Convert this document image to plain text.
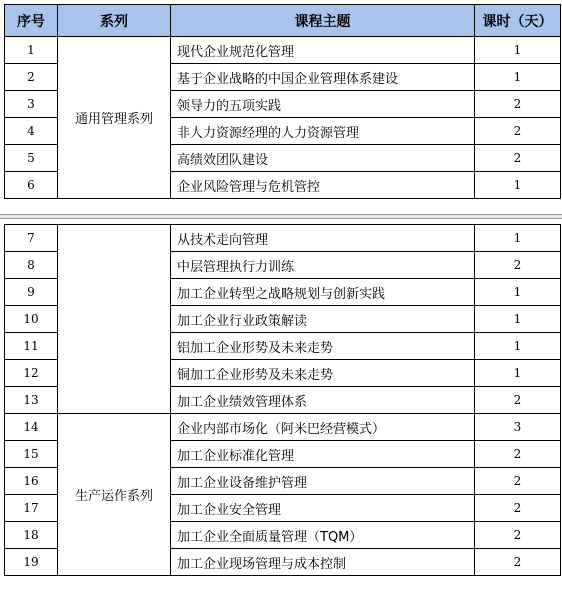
序号	系列	课程主题	课时（天）
1	通用管理系列	现代企业规范化管理	1
2		基于企业战略的中国企业管理体系建设	1
3		领导力的五项实践	2
4		非人力资源经理的人力资源管理	2
5		高绩效团队建设	2
6		企业风险管理与危机管控	1
7		从技术走向管理	1
8		中层管理执行力训练	2
9		加工企业转型之战略规划与创新实践	1
10		加工企业行业政策解读	1
11		铝加工企业形势及未来走势	1
12		铜加工企业形势及未来走势	1
13		加工企业绩效管理体系	2
14	生产运作系列	企业内部市场化（阿米巴经营模式）	3
15		加工企业标准化管理	2
16		加工企业设备维护管理	2
17		加工企业安全管理	2
18		加工企业全面质量管理（TQM）	2
19		加工企业现场管理与成本控制	2
